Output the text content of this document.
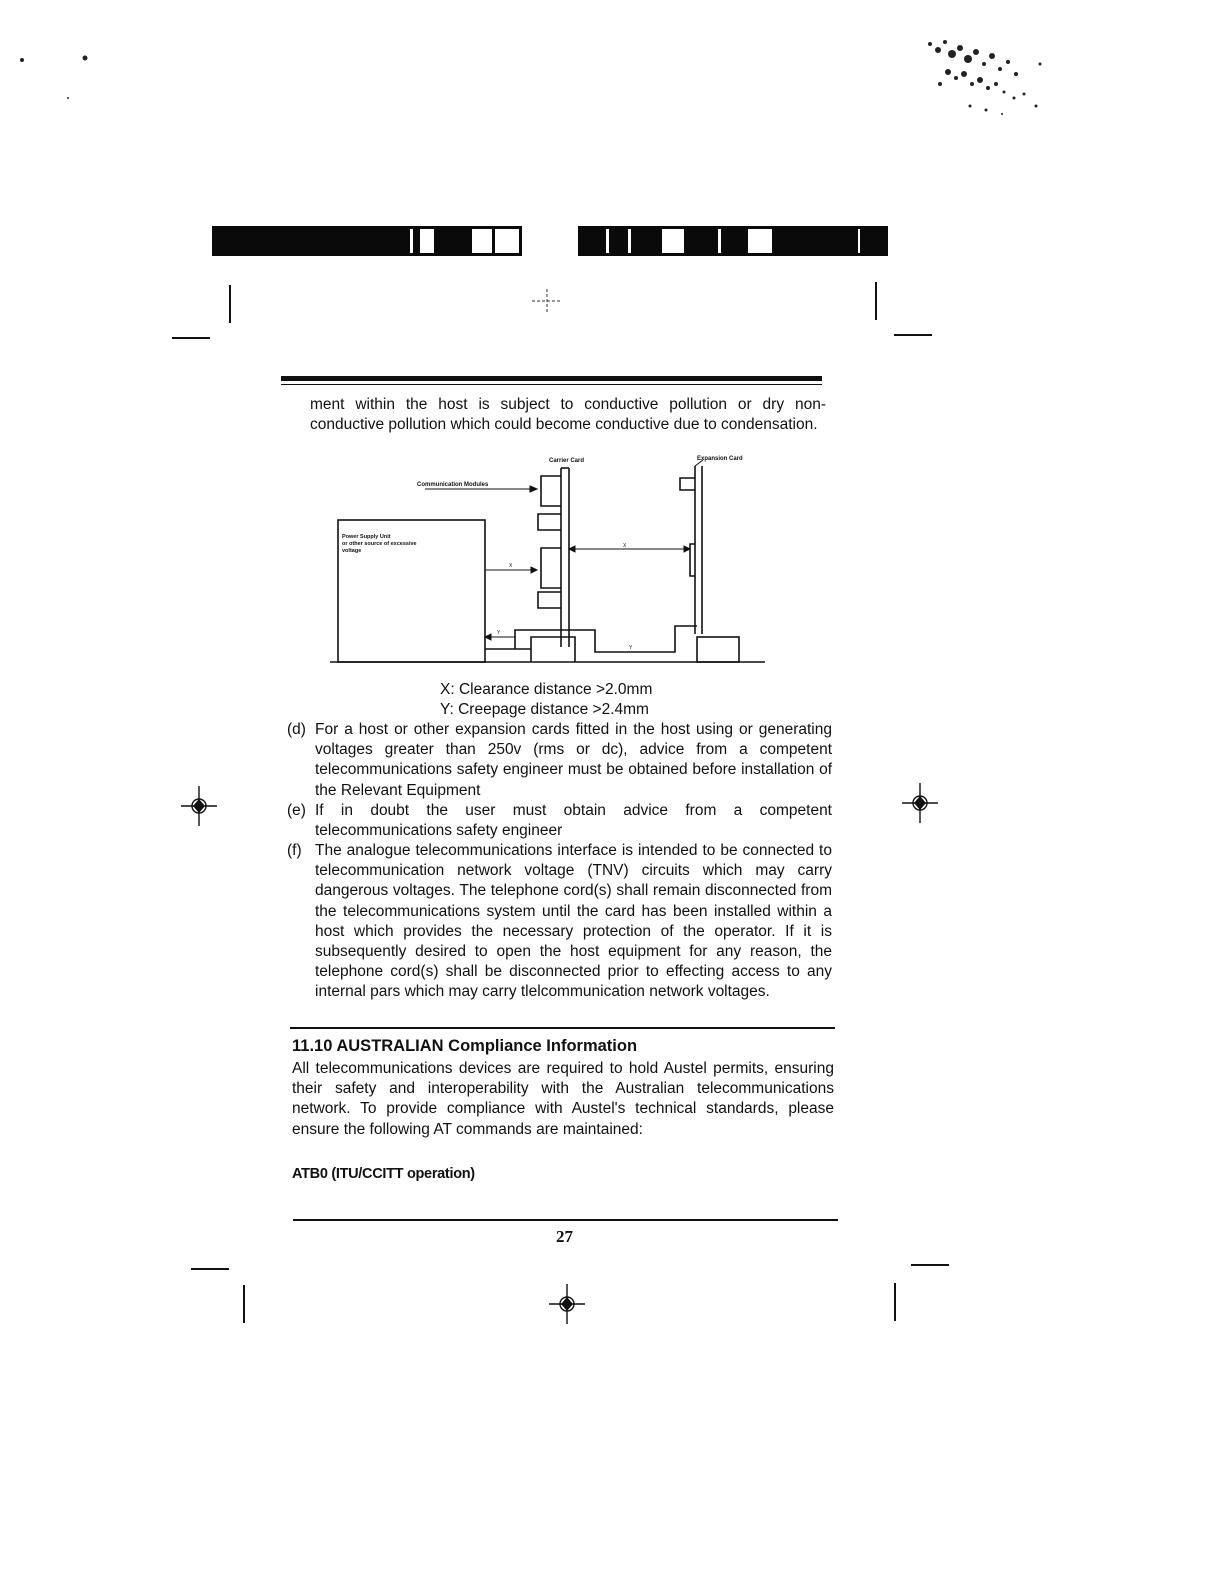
ment within the host is subject to conductive pollution or dry non-conductive pollution which could become conductive due to condensation.
Carrier Card	Expansion Card
Communication Modules
Power Supply Unit
or other source of excessive
voltage
X
X
Y
Y
X: Clearance distance >2.0mm
Y: Creepage distance >2.4mm
(d) For a host or other expansion cards fitted in the host using or generating voltages greater than 250v (rms or dc), advice from a competent telecommunications safety engineer must be obtained before installation of the Relevant Equipment
(e) If in doubt the user must obtain advice from a competent telecommunications safety engineer
(f) The analogue telecommunications interface is intended to be connected to telecommunication network voltage (TNV) circuits which may carry dangerous voltages. The telephone cord(s) shall remain disconnected from the telecommunications system until the card has been installed within a host which provides the necessary protection of the operator. If it is subsequently desired to open the host equipment for any reason, the telephone cord(s) shall be disconnected prior to effecting access to any internal pars which may carry tlelcommunication network voltages.
11.10 AUSTRALIAN Compliance Information
All telecommunications devices are required to hold Austel permits, ensuring their safety and interoperability with the Australian telecommunications network. To provide compliance with Austel's technical standards, please ensure the following AT commands are maintained:
ATB0 (ITU/CCITT operation)
27
